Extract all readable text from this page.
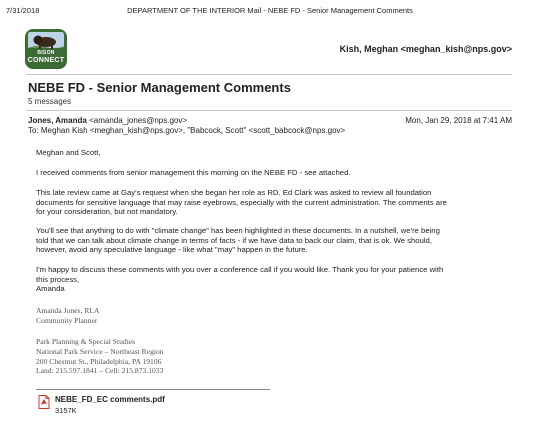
7/31/2018	DEPARTMENT OF THE INTERIOR Mail - NEBE FD - Senior Management Comments
BISON
CONNECT
Kish, Meghan <meghan_kish@nps.gov>
NEBE FD - Senior Management Comments
5 messages
Jones, Amanda <amanda_jones@nps.gov>	Mon, Jan 29, 2018 at 7:41 AM
To: Meghan Kish <meghan_kish@nps.gov>, "Babcock, Scott" <scott_babcock@nps.gov>

Meghan and Scott,

I received comments from senior management this morning on the NEBE FD - see attached.

This late review came at Gay's request when she began her role as RD. Ed Clark was asked to review all foundation

documents for sensitive language that may raise eyebrows, especially with the current administration. The comments are

for your consideration, but not mandatory.

You'll see that anything to do with "climate change" has been highlighted in these documents. In a nutshell, we're being

told that we can talk about climate change in terms of facts - if we have data to back our claim, that is ok. We should,

however, avoid any speculative language - like what "may" happen in the future.

I'm happy to discuss these comments with you over a conference call if you would like. Thank you for your patience with

this process,

Amanda

Amanda Jones, RLA
Community Planner
Park Planning & Special Studies
National Park Service – Northeast Region
200 Chestnut St., Philadelphia, PA 19106
Land: 215.597.1841 – Cell: 215.873.1033
NEBE_FD_EC comments.pdf
3157K
